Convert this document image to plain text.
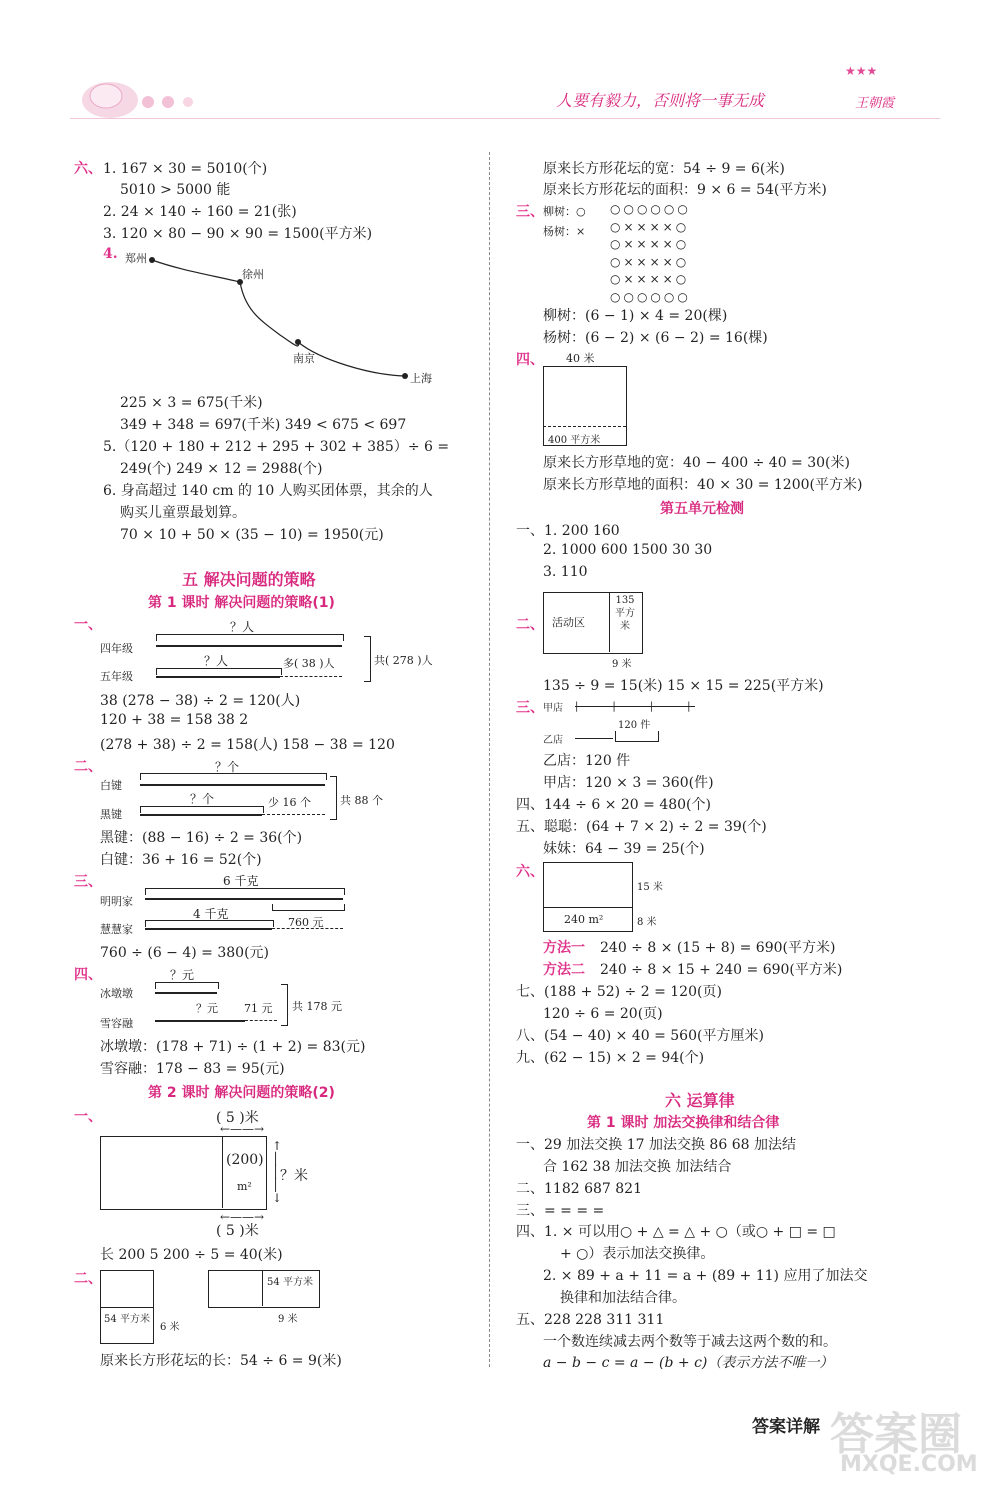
人要有毅力，否则将一事无成
★★★
王朝霞
六、 1. 167 × 30 = 5010(个)
5010 > 5000 能
2. 24 × 140 ÷ 160 = 21(张)
3. 120 × 80 − 90 × 90 = 1500(平方米)
4. 郑州
徐州
南京
上海
225 × 3 = 675(千米)
349 + 348 = 697(千米) 349 < 675 < 697
5.（120 + 180 + 212 + 295 + 302 + 385）÷ 6 =
249(个) 249 × 12 = 2988(个)
6. 身高超过 140 cm 的 10 人购买团体票，其余的人
购买儿童票最划算。
70 × 10 + 50 × (35 − 10) = 1950(元)
五 解决问题的策略
第 1 课时 解决问题的策略(1)
一、	？人
四年级
？人
五年级
多( 38 )人	共( 278 )人
38 (278 − 38) ÷ 2 = 120(人)
120 + 38 = 158 38 2
(278 + 38) ÷ 2 = 158(人) 158 − 38 = 120
二、	？个
白键
？个
黑键
少 16 个	共 88 个
黑键：(88 − 16) ÷ 2 = 36(个)
白键：36 + 16 = 52(个)
三、	6 千克
明明家
4 千克
慧慧家
760 元
760 ÷ (6 − 4) = 380(元)
四、	？元
冰墩墩
？元 71 元
雪容融
共 178 元
冰墩墩：(178 + 71) ÷ (1 + 2) = 83(元)
雪容融：178 − 83 = 95(元)
第 2 课时 解决问题的策略(2)
一、	( 5 )米
←——→
(200)
m²
↑
│
│
│
↓
？米
←——→
( 5 )米
长 200 5 200 ÷ 5 = 40(米)
二、
54 平方米
6 米
54 平方米
9 米
原来长方形花坛的长：54 ÷ 6 = 9(米)
原来长方形花坛的宽：54 ÷ 9 = 6(米)
原来长方形花坛的面积：9 × 6 = 54(平方米)
三、 柳树：○
杨树：×
○○○○○○
○××××○
○××××○
○××××○
○××××○
○○○○○○
柳树：(6 − 1) × 4 = 20(棵)
杨树：(6 − 2) × (6 − 2) = 16(棵)
四、 40 米
400 平方米
原来长方形草地的宽：40 − 400 ÷ 40 = 30(米)
原来长方形草地的面积：40 × 30 = 1200(平方米)
第五单元检测
一、1. 200 160
2. 1000 600 1500 30 30
3. 110
二、 活动区
135 平方米
9 米
135 ÷ 9 = 15(米) 15 × 15 = 225(平方米)
三、 甲店 ||||
120 件
乙店
乙店：120 件
甲店：120 × 3 = 360(件)
四、144 ÷ 6 × 20 = 480(个)
五、聪聪：(64 + 7 × 2) ÷ 2 = 39(个)
妹妹：64 − 39 = 25(个)
六、
15 米
240 m²	8 米
方法一 240 ÷ 8 × (15 + 8) = 690(平方米)
方法二 240 ÷ 8 × 15 + 240 = 690(平方米)
七、(188 + 52) ÷ 2 = 120(页)
120 ÷ 6 = 20(页)
八、(54 − 40) × 40 = 560(平方厘米)
九、(62 − 15) × 2 = 94(个)
六 运算律
第 1 课时 加法交换律和结合律
一、29 加法交换 17 加法交换 86 68 加法结
合 162 38 加法交换 加法结合
二、1182 687 821
三、= = = =
四、1. × 可以用○ + △ = △ + ○（或○ + □ = □
+ ○）表示加法交换律。
2. × 89 + a + 11 = a + (89 + 11) 应用了加法交
换律和加法结合律。
五、228 228 311 311
一个数连续减去两个数等于减去这两个数的和。
a − b − c = a − (b + c)（表示方法不唯一）
答案详解 答案圈
MXQE.COM
